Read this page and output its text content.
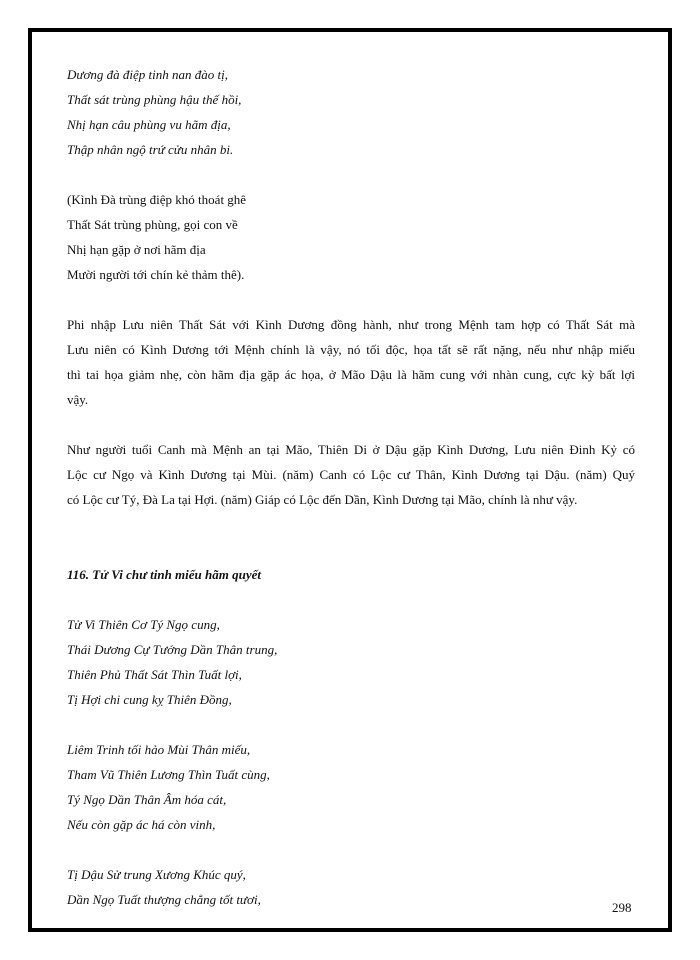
Dương đà điệp tinh nan đào tị,
Thất sát trùng phùng hậu thế hồi,
Nhị hạn câu phùng vu hãm địa,
Thập nhân ngộ trứ cửu nhân bi.
(Kình Đà trùng điệp khó thoát ghê
Thất Sát trùng phùng, gọi con về
Nhị hạn gặp ở nơi hãm địa
Mười người tới chín kẻ thảm thê).
Phi nhập Lưu niên Thất Sát với Kình Dương đồng hành, như trong Mệnh tam hợp có Thất Sát mà
Lưu niên có Kình Dương tới Mệnh chính là vậy, nó tối độc, họa tất sẽ rất nặng, nếu như nhập miếu
thì tai họa giảm nhẹ, còn hãm địa gặp ác họa, ở Mão Dậu là hãm cung với nhàn cung, cực kỳ bất lợi
vậy.
Như người tuổi Canh mà Mệnh an tại Mão, Thiên Di ở Dậu gặp Kình Dương, Lưu niên Đinh Kỷ có
Lộc cư Ngọ và Kình Dương tại Mùi. (năm) Canh có Lộc cư Thân, Kình Dương tại Dậu. (năm) Quý
có Lộc cư Tý, Đà La tại Hợi. (năm) Giáp có Lộc đến Dần, Kình Dương tại Mão, chính là như vậy.
116. Tử Vi chư tinh miếu hãm quyết
Tử Vi Thiên Cơ Tý Ngọ cung,
Thái Dương Cự Tướng Dần Thân trung,
Thiên Phủ Thất Sát Thìn Tuất lợi,
Tị Hợi chi cung kỵ Thiên Đồng,
Liêm Trinh tối hảo Mùi Thân miếu,
Tham Vũ Thiên Lương Thìn Tuất cùng,
Tý Ngọ Dần Thân Âm hóa cát,
Nếu còn gặp ác há còn vinh,
Tị Dậu Sử trung Xương Khúc quý,
Dần Ngọ Tuất thượng chẳng tốt tươi,
298
